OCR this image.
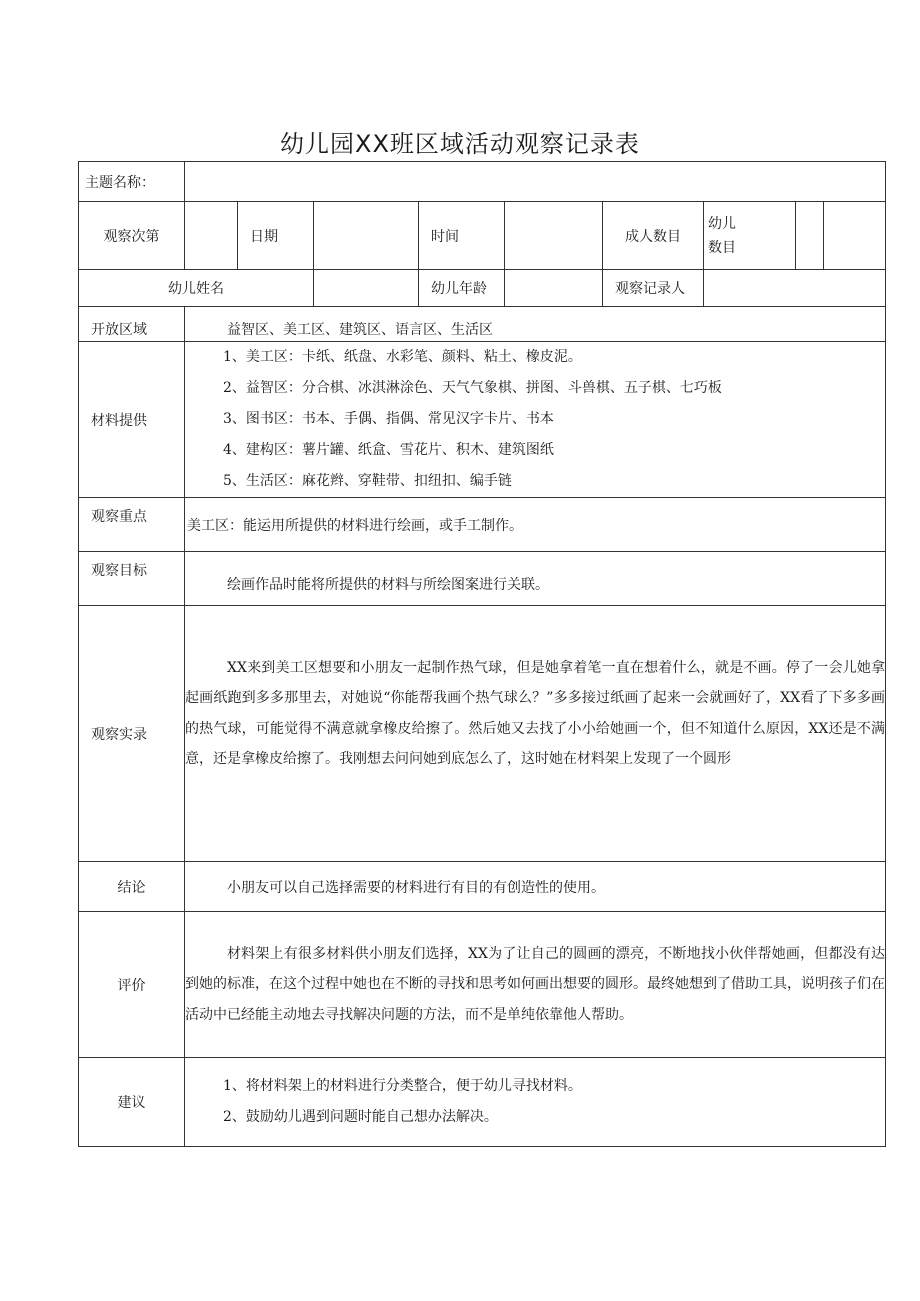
幼儿园XX班区域活动观察记录表
主题名称：								
观察次第		日期		时间		成人数目	幼儿
数目	

幼儿姓名				幼儿年龄		观察记录人		
开放区域	益智区、美工区、建筑区、语言区、生活区							
材料提供	1、美工区：卡纸、纸盘、水彩笔、颜料、粘土、橡皮泥。

2、益智区：分合棋、冰淇淋涂色、天气气象棋、拼图、斗兽棋、五子棋、七巧板

3、图书区：书本、手偶、指偶、常见汉字卡片、书本

4、建构区：薯片罐、纸盒、雪花片、积木、建筑图纸

5、生活区：麻花辫、穿鞋带、扣纽扣、编手链							

观察重点	美工区：能运用所提供的材料进行绘画，或手工制作。							
观察目标	绘画作品时能将所提供的材料与所绘图案进行关联。							
观察实录	XX来到美工区想要和小朋友一起制作热气球，但是她拿着笔一直在想着什么，就是不画。停了一会儿她拿起画纸跑到多多那里去，对她说“你能帮我画个热气球么？”多多接过纸画了起来一会就画好了，XX看了下多多画的热气球，可能觉得不满意就拿橡皮给擦了。然后她又去找了小小给她画一个，但不知道什么原因，XX还是不满意，还是拿橡皮给擦了。我刚想去问问她到底怎么了，这时她在材料架上发现了一个圆形							
结论	小朋友可以自己选择需要的材料进行有目的有创造性的使用。							
评价	材料架上有很多材料供小朋友们选择，XX为了让自己的圆画的漂亮，不断地找小伙伴帮她画，但都没有达到她的标准，在这个过程中她也在不断的寻找和思考如何画出想要的圆形。最终她想到了借助工具，说明孩子们在活动中已经能主动地去寻找解决问题的方法，而不是单纯依靠他人帮助。							
建议	1、将材料架上的材料进行分类整合，便于幼儿寻找材料。

2、鼓励幼儿遇到问题时能自己想办法解决。							
